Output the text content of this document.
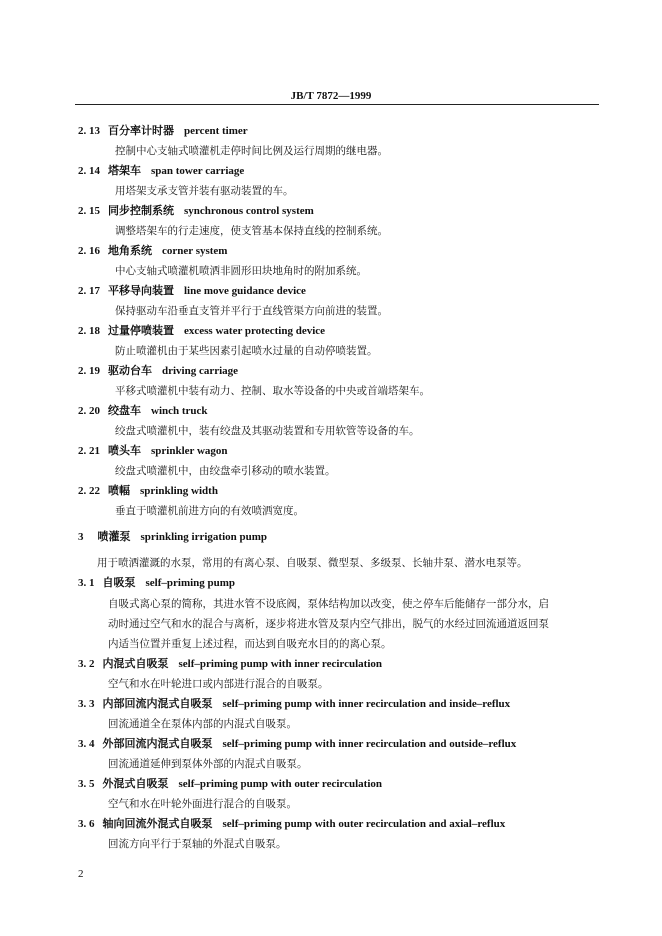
JB/T 7872—1999
2. 13 百分率计时器 percent timer
控制中心支轴式喷灌机走停时间比例及运行周期的继电器。
2. 14 塔架车 span tower carriage
用塔架支承支管并装有驱动装置的车。
2. 15 同步控制系统 synchronous control system
调整塔架车的行走速度，使支管基本保持直线的控制系统。
2. 16 地角系统 corner system
中心支轴式喷灌机喷洒非圆形田块地角时的附加系统。
2. 17 平移导向装置 line move guidance device
保持驱动车沿垂直支管并平行于直线管渠方向前进的装置。
2. 18 过量停喷装置 excess water protecting device
防止喷灌机由于某些因素引起喷水过量的自动停喷装置。
2. 19 驱动台车 driving carriage
平移式喷灌机中装有动力、控制、取水等设备的中央或首端塔架车。
2. 20 绞盘车 winch truck
绞盘式喷灌机中，装有绞盘及其驱动装置和专用软管等设备的车。
2. 21 喷头车 sprinkler wagon
绞盘式喷灌机中，由绞盘牵引移动的喷水装置。
2. 22 喷幅 sprinkling width
垂直于喷灌机前进方向的有效喷洒宽度。
3 喷灌泵 sprinkling irrigation pump
用于喷洒灌溉的水泵，常用的有离心泵、自吸泵、微型泵、多级泵、长轴井泵、潜水电泵等。
3. 1 自吸泵 self–priming pump
自吸式离心泵的简称，其进水管不设底阀，泵体结构加以改变，使之停车后能储存一部分水，启
动时通过空气和水的混合与离析，逐步将进水管及泵内空气排出，脱气的水经过回流通道返回泵
内适当位置并重复上述过程，而达到自吸充水目的的离心泵。
3. 2 内混式自吸泵 self–priming pump with inner recirculation
空气和水在叶轮进口或内部进行混合的自吸泵。
3. 3 内部回流内混式自吸泵 self–priming pump with inner recirculation and inside–reflux
回流通道全在泵体内部的内混式自吸泵。
3. 4 外部回流内混式自吸泵 self–priming pump with inner recirculation and outside–reflux
回流通道延伸到泵体外部的内混式自吸泵。
3. 5 外混式自吸泵 self–priming pump with outer recirculation
空气和水在叶轮外面进行混合的自吸泵。
3. 6 轴向回流外混式自吸泵 self–priming pump with outer recirculation and axial–reflux
回流方向平行于泵轴的外混式自吸泵。
2
